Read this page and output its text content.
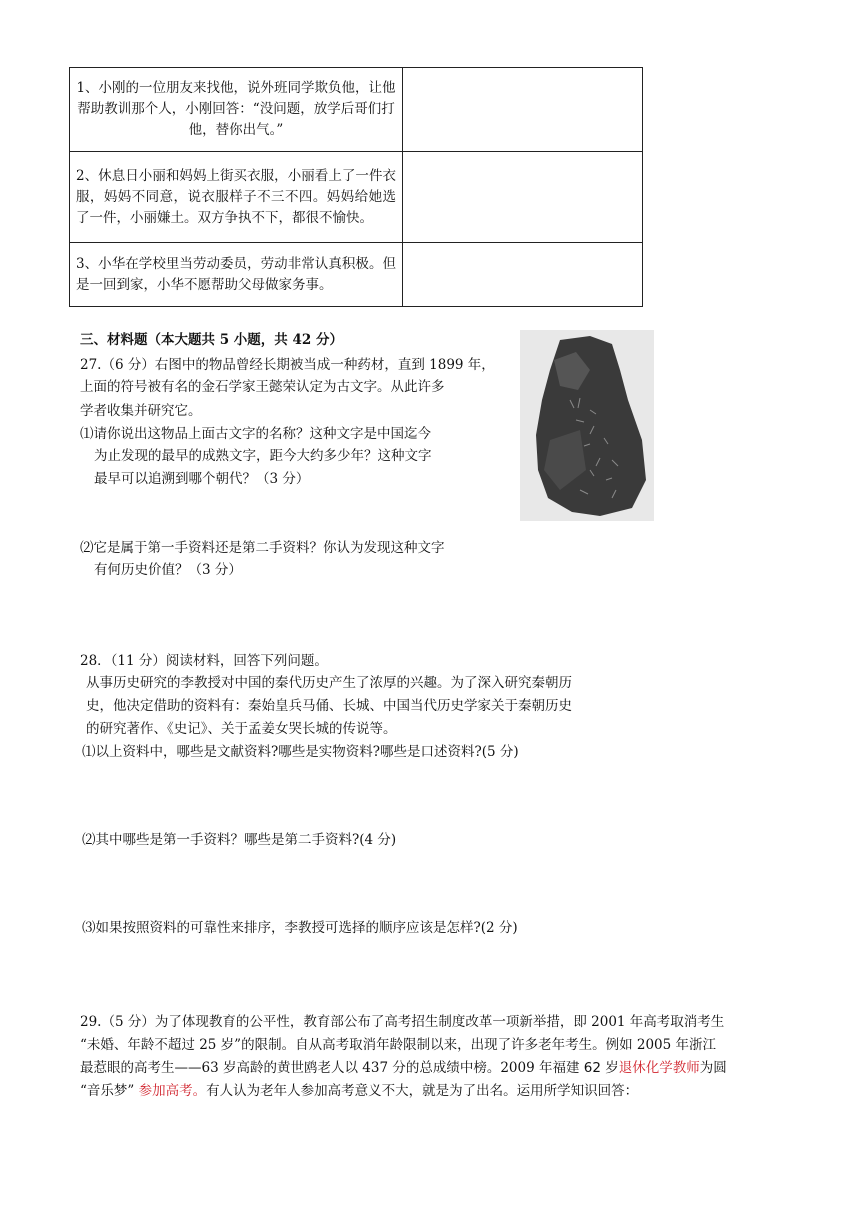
1、小刚的一位朋友来找他，说外班同学欺负他，让他帮助教训那个人，小刚回答：“没问题，放学后哥们打他，替你出气。”	
2、休息日小丽和妈妈上街买衣服，小丽看上了一件衣服，妈妈不同意，说衣服样子不三不四。妈妈给她选了一件，小丽嫌土。双方争执不下，都很不愉快。	
3、小华在学校里当劳动委员，劳动非常认真积极。但是一回到家，小华不愿帮助父母做家务事。	
三、材料题（本大题共 5 小题，共 42 分）
27.（6 分）右图中的物品曾经长期被当成一种药材，直到 1899 年，
上面的符号被有名的金石学家王懿荣认定为古文字。从此许多
学者收集并研究它。
⑴请你说出这物品上面古文字的名称？这种文字是中国迄今
为止发现的最早的成熟文字，距今大约多少年？这种文字
最早可以追溯到哪个朝代？（3 分）
⑵它是属于第一手资料还是第二手资料？你认为发现这种文字
有何历史价值？（3 分）
28．（11 分）阅读材料，回答下列问题。
从事历史研究的李教授对中国的秦代历史产生了浓厚的兴趣。为了深入研究秦朝历
史，他决定借助的资料有：秦始皇兵马俑、长城、中国当代历史学家关于秦朝历史
的研究著作、《史记》、关于孟姜女哭长城的传说等。
⑴以上资料中，哪些是文献资料?哪些是实物资料?哪些是口述资料?(5 分)
⑵其中哪些是第一手资料？哪些是第二手资料?(4 分)
⑶如果按照资料的可靠性来排序，李教授可选择的顺序应该是怎样?(2 分)
29.（5 分）为了体现教育的公平性，教育部公布了高考招生制度改革一项新举措，即 2001 年高考取消考生
“未婚、年龄不超过 25 岁”的限制。自从高考取消年龄限制以来，出现了许多老年考生。例如 2005 年浙江
最惹眼的高考生——63 岁高龄的黄世鸥老人以 437 分的总成绩中榜。2009 年福建 62 岁退休化学教师为圆
“音乐梦” 参加高考。有人认为老年人参加高考意义不大，就是为了出名。运用所学知识回答：
